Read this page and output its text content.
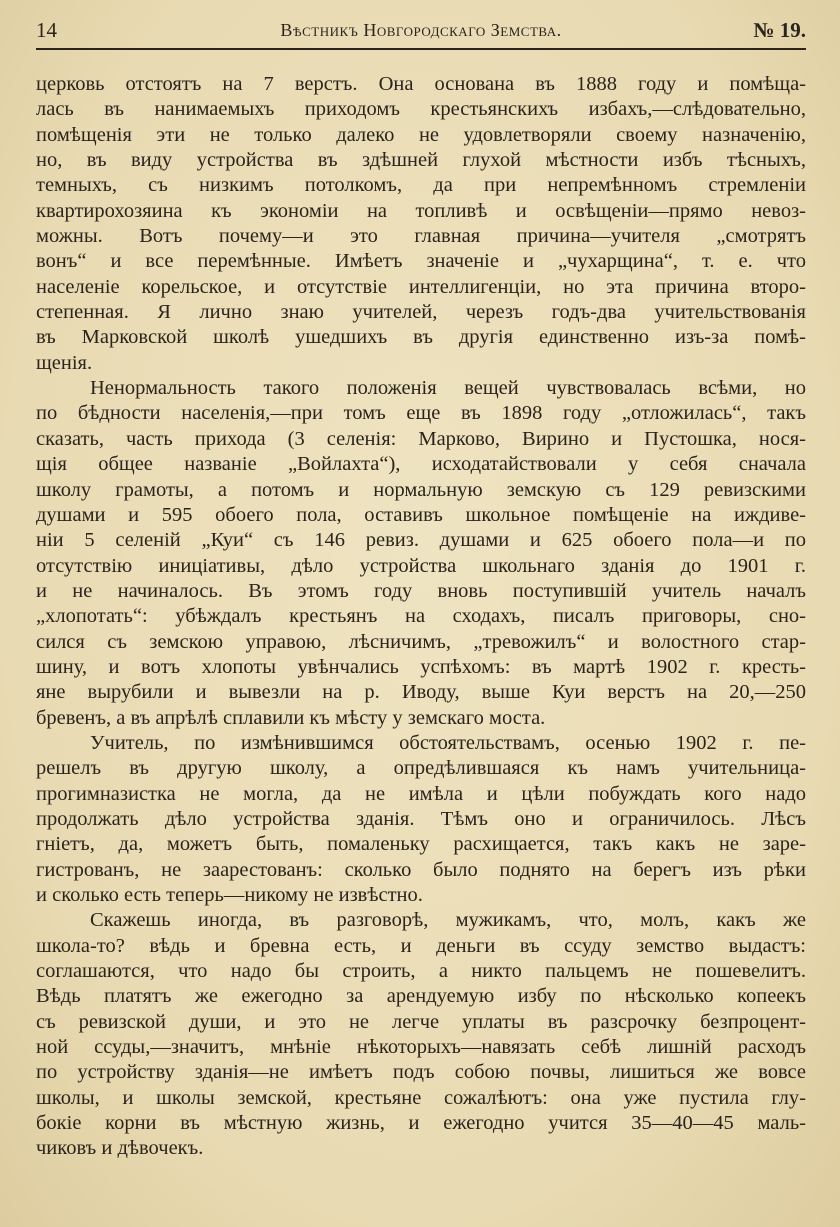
14	Вѣстникъ Новгородскаго Земства.	№ 19.
церковь отстоятъ на 7 верстъ. Она основана въ 1888 году и помѣща-
лась въ нанимаемыхъ приходомъ крестьянскихъ избахъ,—слѣдовательно,
помѣщенія эти не только далеко не удовлетворяли своему назначенію,
но, въ виду устройства въ здѣшней глухой мѣстности избъ тѣсныхъ,
темныхъ, съ низкимъ потолкомъ, да при непремѣнномъ стремленіи
квартирохозяина къ экономіи на топливѣ и освѣщеніи—прямо невоз-
можны. Вотъ почему—и это главная причина—учителя „смотрятъ
вонъ“ и все перемѣнные. Имѣетъ значеніе и „чухарщина“, т. е. что
населеніе корельское, и отсутствіе интеллигенціи, но эта причина второ-
степенная. Я лично знаю учителей, черезъ годъ-два учительствованія
въ Марковской школѣ ушедшихъ въ другія единственно изъ-за помѣ-
щенія.
Ненормальность такого положенія вещей чувствовалась всѣми, но
по бѣдности населенія,—при томъ еще въ 1898 году „отложилась“, такъ
сказать, часть прихода (3 селенія: Марково, Вирино и Пустошка, нося-
щія общее названіе „Войлахта“), исходатайствовали у себя сначала
школу грамоты, а потомъ и нормальную земскую съ 129 ревизскими
душами и 595 обоего пола, оставивъ школьное помѣщеніе на иждиве-
ніи 5 селеній „Куи“ съ 146 ревиз. душами и 625 обоего пола—и по
отсутствію иниціативы, дѣло устройства школьнаго зданія до 1901 г.
и не начиналось. Въ этомъ году вновь поступившій учитель началъ
„хлопотать“: убѣждалъ крестьянъ на сходахъ, писалъ приговоры, сно-
сился съ земскою управою, лѣсничимъ, „тревожилъ“ и волостного стар-
шину, и вотъ хлопоты увѣнчались успѣхомъ: въ мартѣ 1902 г. кресть-
яне вырубили и вывезли на р. Иводу, выше Куи верстъ на 20,—250
бревенъ, а въ апрѣлѣ сплавили къ мѣсту у земскаго моста.
Учитель, по измѣнившимся обстоятельствамъ, осенью 1902 г. пе-
решелъ въ другую школу, а опредѣлившаяся къ намъ учительница-
прогимназистка не могла, да не имѣла и цѣли побуждать кого надо
продолжать дѣло устройства зданія. Тѣмъ оно и ограничилось. Лѣсъ
гніетъ, да, можетъ быть, помаленьку расхищается, такъ какъ не заре-
гистрованъ, не заарестованъ: сколько было поднято на берегъ изъ рѣки
и сколько есть теперь—никому не извѣстно.
Скажешь иногда, въ разговорѣ, мужикамъ, что, молъ, какъ же
школа-то? вѣдь и бревна есть, и деньги въ ссуду земство выдастъ:
соглашаются, что надо бы строить, а никто пальцемъ не пошевелитъ.
Вѣдь платятъ же ежегодно за арендуемую избу по нѣсколько копеекъ
съ ревизской души, и это не легче уплаты въ разсрочку безпроцент-
ной ссуды,—значитъ, мнѣніе нѣкоторыхъ—навязать себѣ лишній расходъ
по устройству зданія—не имѣетъ подъ собою почвы, лишиться же вовсе
школы, и школы земской, крестьяне сожалѣютъ: она уже пустила глу-
бокіе корни въ мѣстную жизнь, и ежегодно учится 35—40—45 маль-
чиковъ и дѣвочекъ.
